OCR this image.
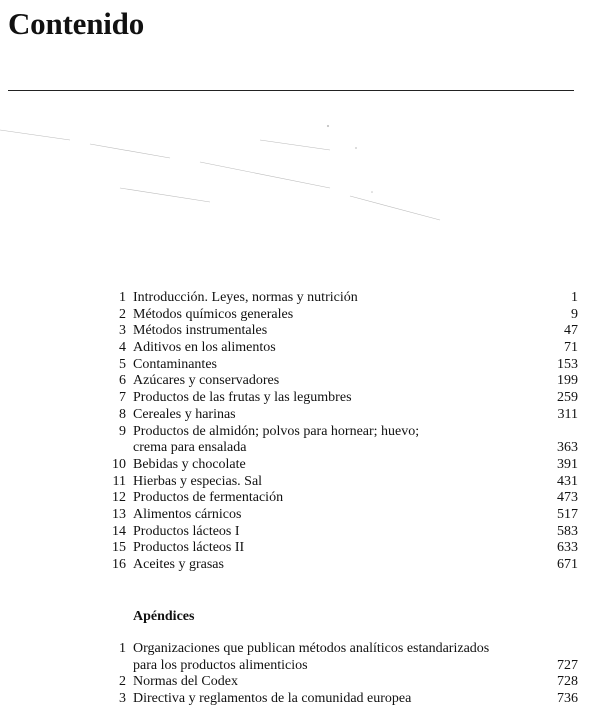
Contenido
1 Introducción. Leyes, normas y nutrición	1
2 Métodos químicos generales	9
3 Métodos instrumentales	47
4 Aditivos en los alimentos	71
5 Contaminantes	153
6 Azúcares y conservadores	199
7 Productos de las frutas y las legumbres	259
8 Cereales y harinas	311
9 Productos de almidón; polvos para hornear; huevo;
crema para ensalada	363
10 Bebidas y chocolate	391
11 Hierbas y especias. Sal	431
12 Productos de fermentación	473
13 Alimentos cárnicos	517
14 Productos lácteos I	583
15 Productos lácteos II	633
16 Aceites y grasas	671
Apéndices
1 Organizaciones que publican métodos analíticos estandarizados
para los productos alimenticios	727
2 Normas del Codex	728
3 Directiva y reglamentos de la comunidad europea	736
